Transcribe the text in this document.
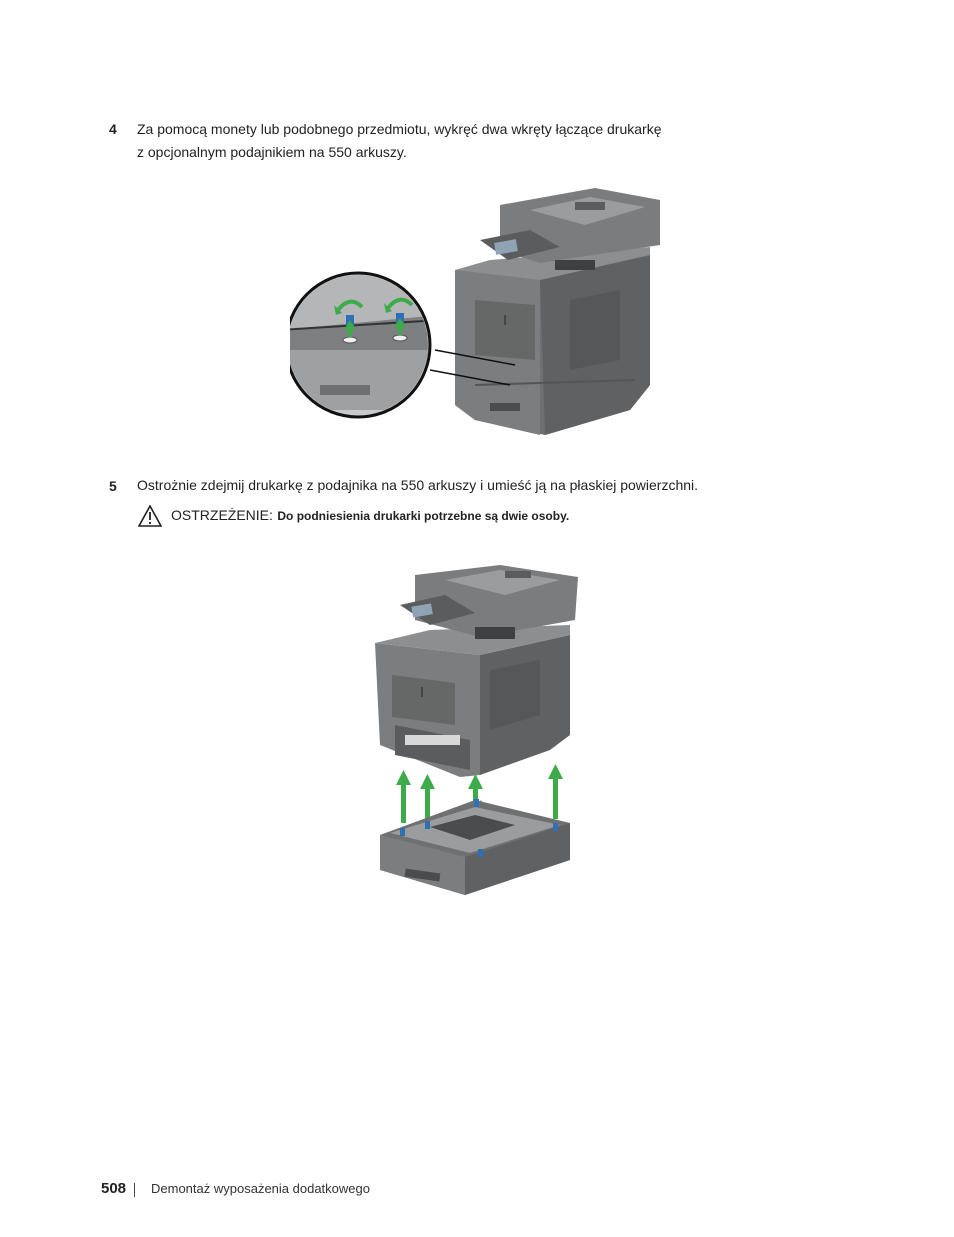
4 Za pomocą monety lub podobnego przedmiotu, wykręć dwa wkręty łączące drukarkę
z opcjonalnym podajnikiem na 550 arkuszy.
5 Ostrożnie zdejmij drukarkę z podajnika na 550 arkuszy i umieść ją na płaskiej powierzchni.
OSTRZEŻENIE: Do podniesienia drukarki potrzebne są dwie osoby.
508 Demontaż wyposażenia dodatkowego
